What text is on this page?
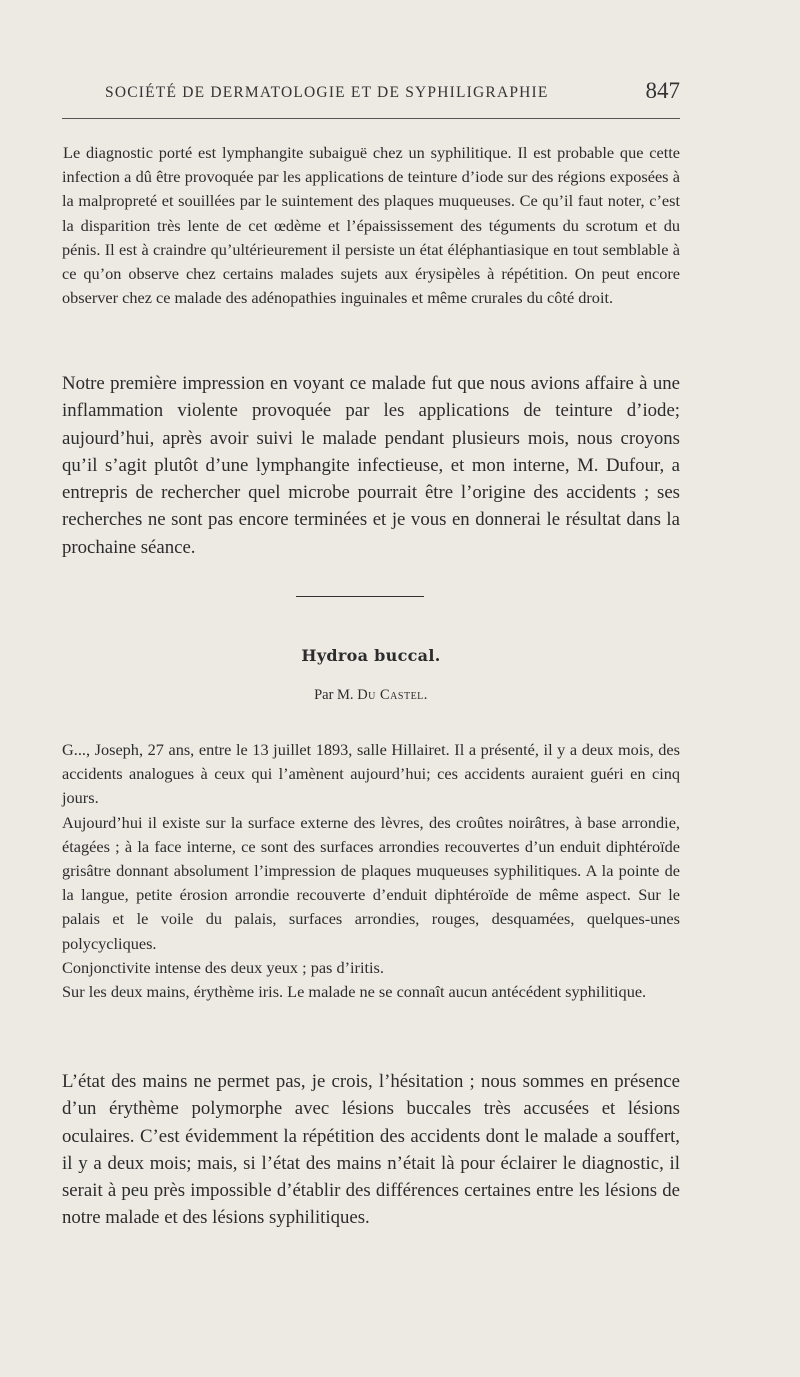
SOCIÉTÉ DE DERMATOLOGIE ET DE SYPHILIGRAPHIE	847

Le diagnostic porté est lymphangite subaiguë chez un syphilitique. Il est probable que cette infection a dû être provoquée par les applications de teinture d’iode sur des régions exposées à la malpropreté et souillées par le suintement des plaques muqueuses. Ce qu’il faut noter, c’est la disparition très lente de cet œdème et l’épaississement des téguments du scrotum et du pénis. Il est à craindre qu’ultérieurement il persiste un état éléphantiasique en tout semblable à ce qu’on observe chez certains malades sujets aux érysipèles à répétition. On peut encore observer chez ce malade des adénopathies inguinales et même crurales du côté droit.

Notre première impression en voyant ce malade fut que nous avions affaire à une inflammation violente provoquée par les applications de teinture d’iode; aujourd’hui, après avoir suivi le malade pendant plusieurs mois, nous croyons qu’il s’agit plutôt d’une lymphangite infectieuse, et mon interne, M. Dufour, a entrepris de rechercher quel microbe pourrait être l’origine des accidents ; ses recherches ne sont pas encore terminées et je vous en donnerai le résultat dans la prochaine séance.

Hydroa buccal.
Par M. Du Castel.

G..., Joseph, 27 ans, entre le 13 juillet 1893, salle Hillairet. Il a présenté, il y a deux mois, des accidents analogues à ceux qui l’amènent aujourd’hui; ces accidents auraient guéri en cinq jours.

Aujourd’hui il existe sur la surface externe des lèvres, des croûtes noirâtres, à base arrondie, étagées ; à la face interne, ce sont des surfaces arrondies recouvertes d’un enduit diphtéroïde grisâtre donnant absolument l’impression de plaques muqueuses syphilitiques. A la pointe de la langue, petite érosion arrondie recouverte d’enduit diphtéroïde de même aspect. Sur le palais et le voile du palais, surfaces arrondies, rouges, desquamées, quelques-unes polycycliques.

Conjonctivite intense des deux yeux ; pas d’iritis.

Sur les deux mains, érythème iris. Le malade ne se connaît aucun antécédent syphilitique.

L’état des mains ne permet pas, je crois, l’hésitation ; nous sommes en présence d’un érythème polymorphe avec lésions buccales très accusées et lésions oculaires. C’est évidemment la répétition des accidents dont le malade a souffert, il y a deux mois; mais, si l’état des mains n’était là pour éclairer le diagnostic, il serait à peu près impossible d’établir des différences certaines entre les lésions de notre malade et des lésions syphilitiques.
